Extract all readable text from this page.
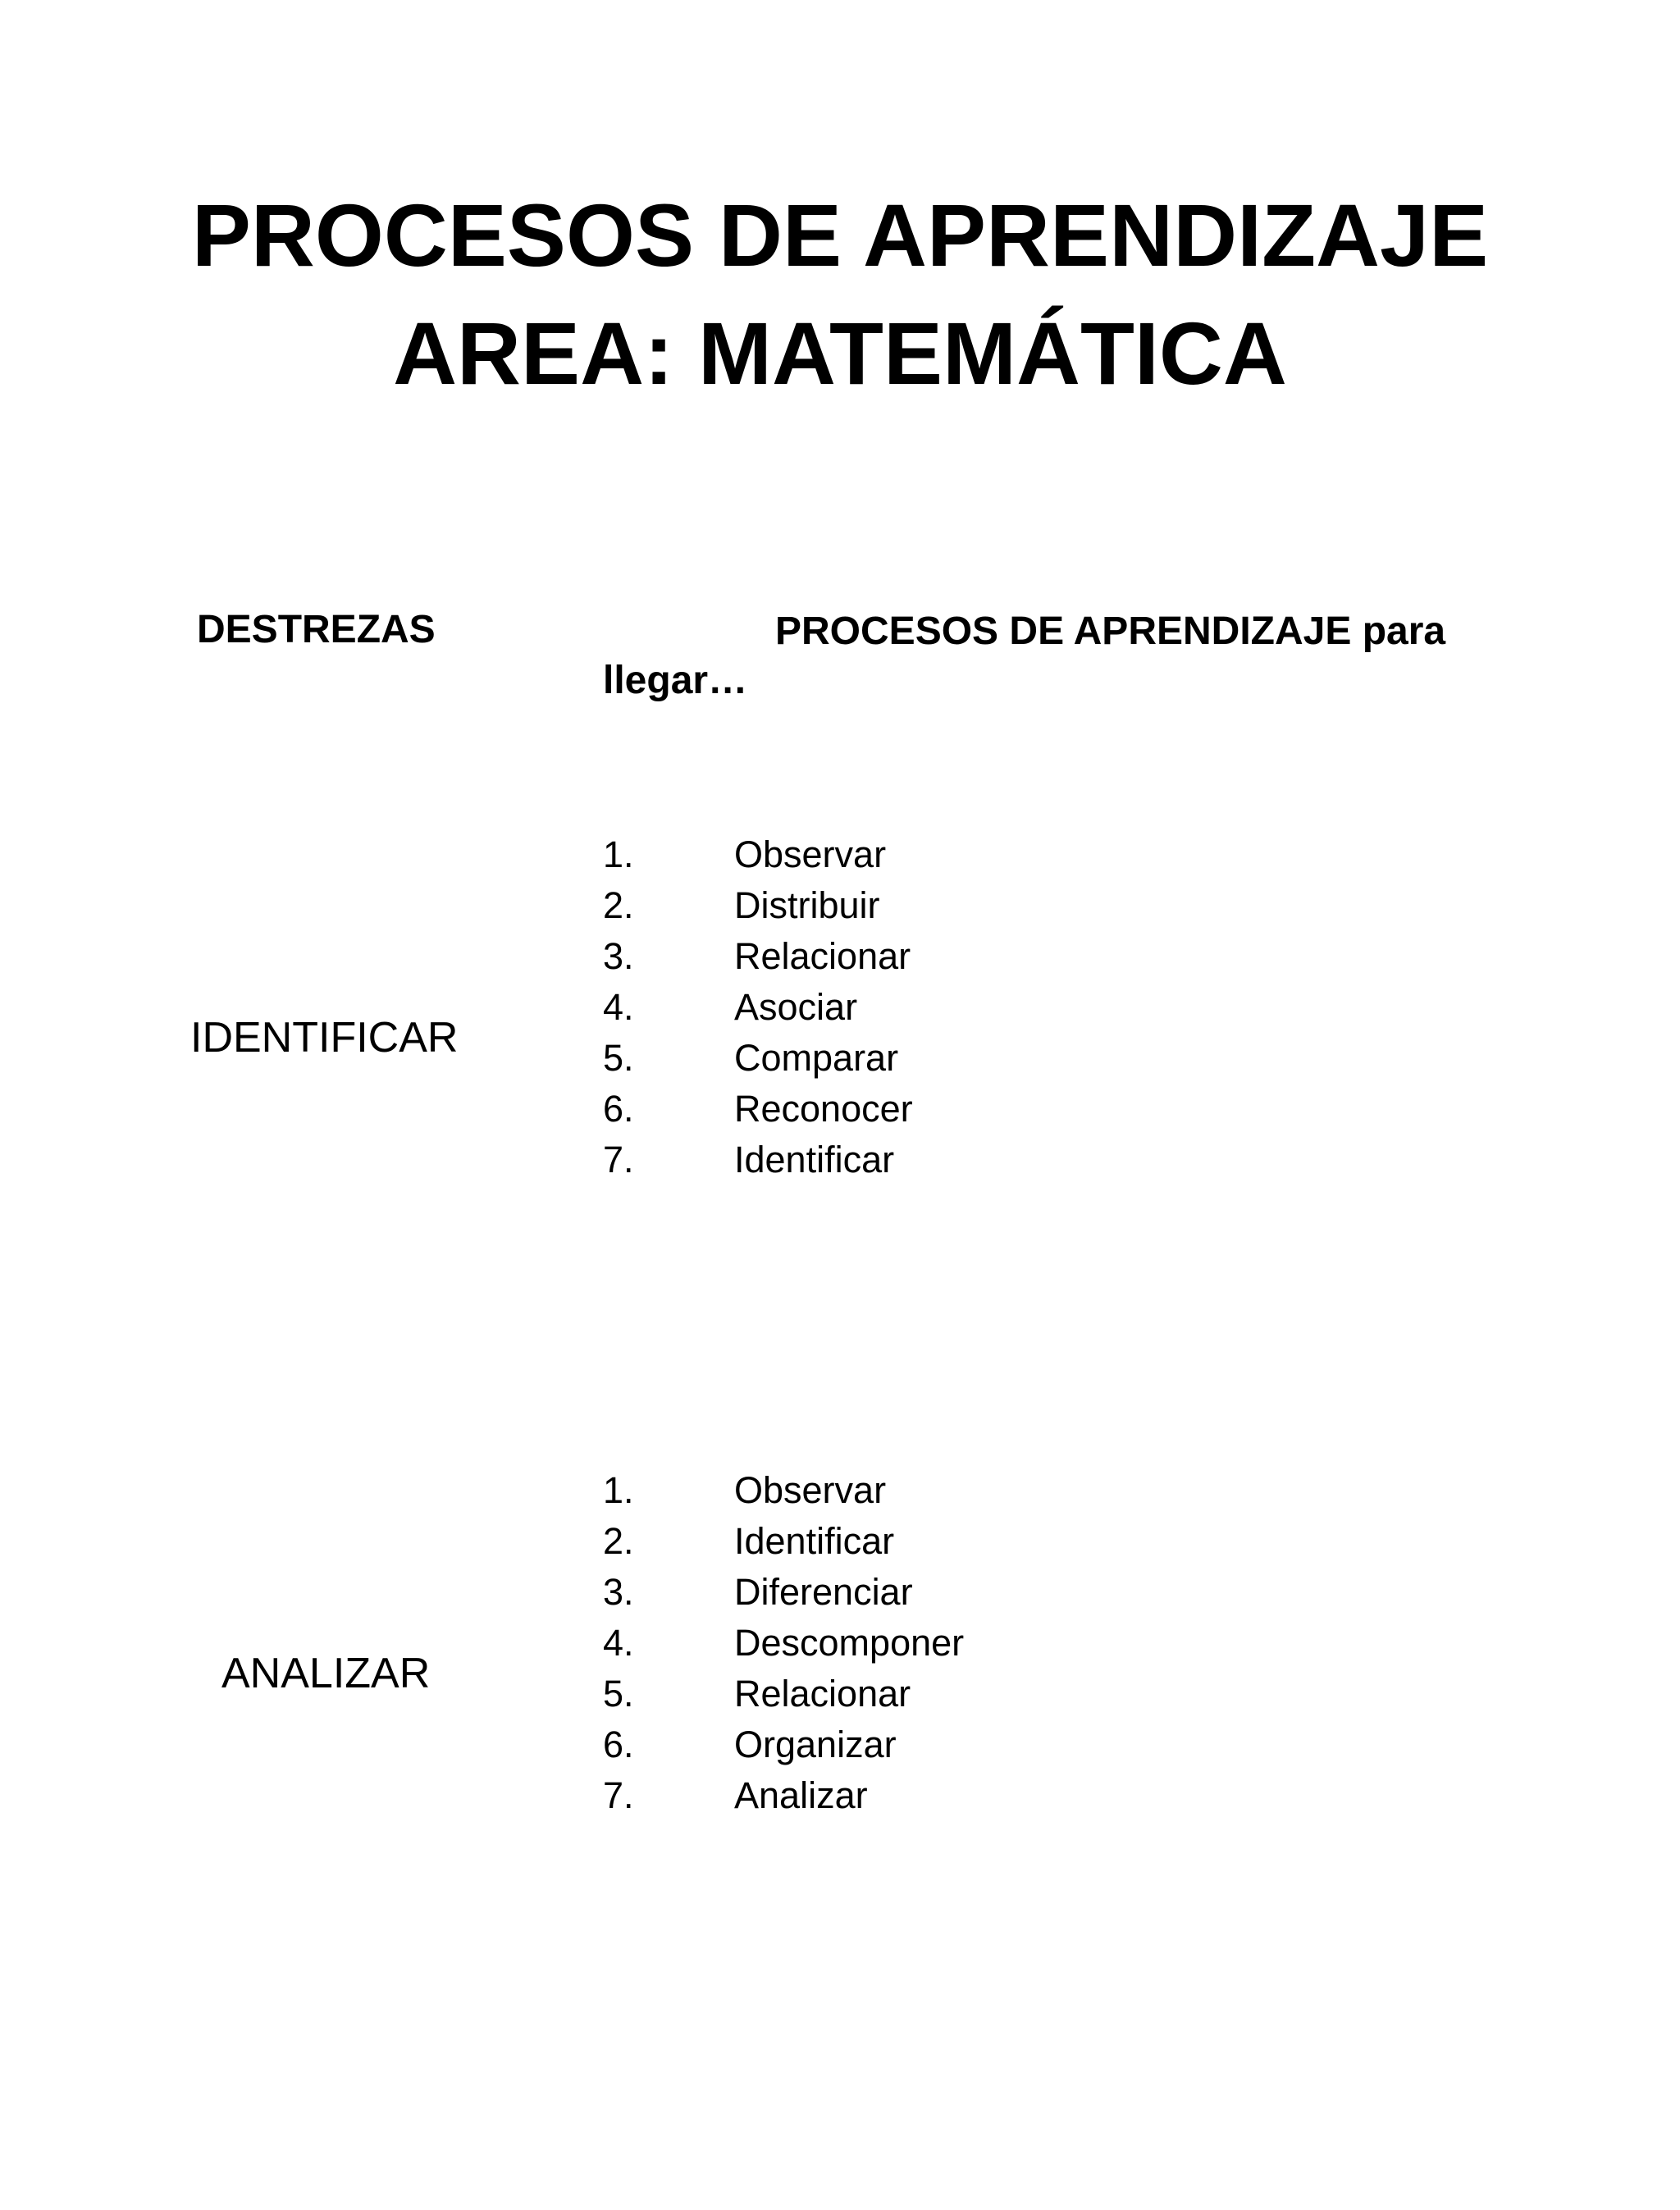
PROCESOS DE APRENDIZAJE
AREA: MATEMÁTICA
DESTREZAS	PROCESOS DE APRENDIZAJE para llegar…

IDENTIFICAR
1.	Observar
2.	Distribuir
3.	Relacionar
4.	Asociar
5.	Comparar
6.	Reconocer
7.	Identificar
ANALIZAR
1.	Observar
2.	Identificar
3.	Diferenciar
4.	Descomponer
5.	Relacionar
6.	Organizar
7.	Analizar
